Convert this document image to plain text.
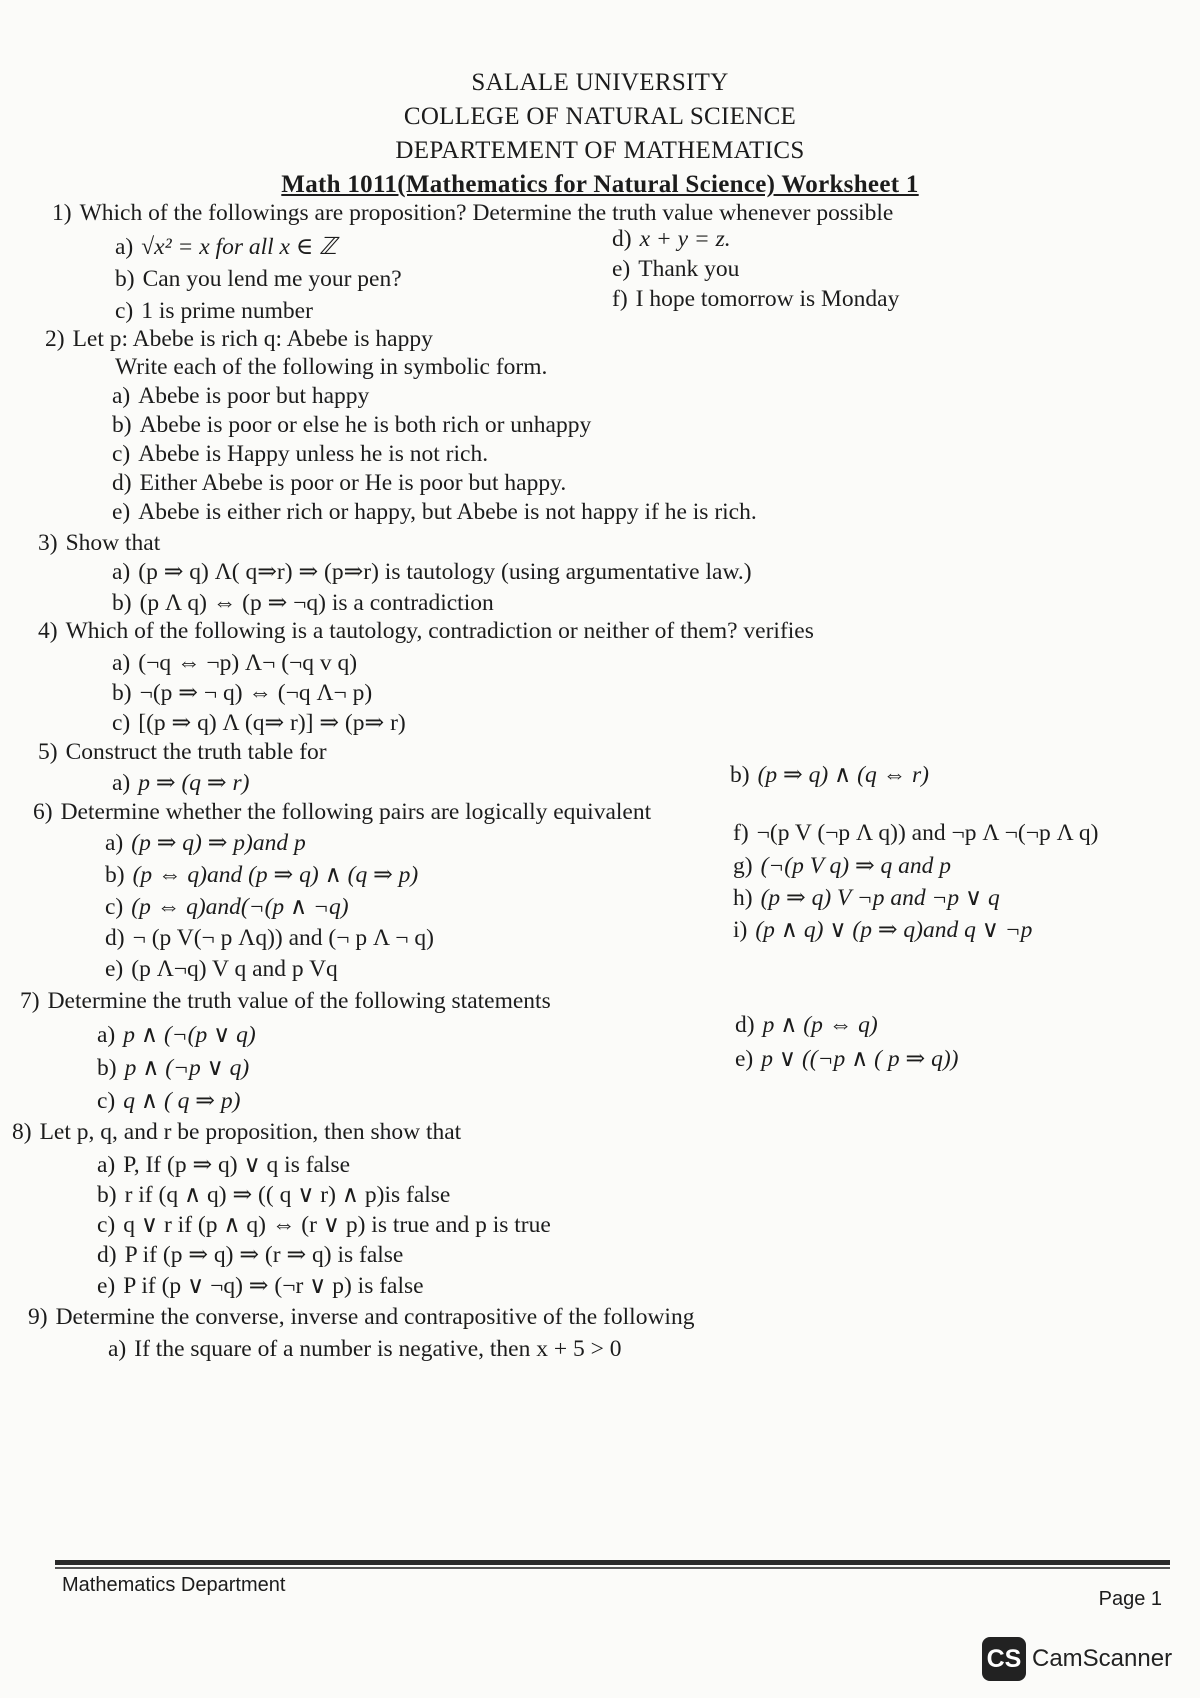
SALALE UNIVERSITY
COLLEGE OF NATURAL SCIENCE
DEPARTEMENT OF MATHEMATICS
Math 1011(Mathematics for Natural Science) Worksheet 1
1) Which of the followings are proposition? Determine the truth value whenever possible
a) √x² = x for all x ∈ ℤ
b) Can you lend me your pen?
c) 1 is prime number
d) x + y = z.
e) Thank you
f) I hope tomorrow is Monday
2) Let p: Abebe is rich q: Abebe is happy
Write each of the following in symbolic form.
a) Abebe is poor but happy
b) Abebe is poor or else he is both rich or unhappy
c) Abebe is Happy unless he is not rich.
d) Either Abebe is poor or He is poor but happy.
e) Abebe is either rich or happy, but Abebe is not happy if he is rich.
3) Show that
a) (p ⇒ q) Λ( q⇒r) ⇒ (p⇒r) is tautology (using argumentative law.)
b) (p Λ q) ⇔ (p ⇒ ¬q) is a contradiction
4) Which of the following is a tautology, contradiction or neither of them? verifies
a) (¬q ⇔ ¬p) Λ¬ (¬q v q)
b) ¬(p ⇒ ¬ q) ⇔ (¬q Λ¬ p)
c) [(p ⇒ q) Λ (q⇒ r)] ⇒ (p⇒ r)
5) Construct the truth table for
a) p ⇒ (q ⇒ r)	b) (p ⇒ q) ∧ (q ⇔ r)
6) Determine whether the following pairs are logically equivalent
a) (p ⇒ q) ⇒ p)and p
b) (p ⇔ q)and (p ⇒ q) ∧ (q ⇒ p)
c) (p ⇔ q)and(¬(p ∧ ¬q)
d) ¬ (p V(¬ p Λq)) and (¬ p Λ ¬ q)
e) (p Λ¬q) V q and p Vq
f) ¬(p V (¬p Λ q)) and ¬p Λ ¬(¬p Λ q)
g) (¬(p V q) ⇒ q and p
h) (p ⇒ q) V ¬p and ¬p ∨ q
i) (p ∧ q) ∨ (p ⇒ q)and q ∨ ¬p
7) Determine the truth value of the following statements
a) p ∧ (¬(p ∨ q)
b) p ∧ (¬p ∨ q)
c) q ∧ ( q ⇒ p)
d) p ∧ (p ⇔ q)
e) p ∨ ((¬p ∧ ( p ⇒ q))
8) Let p, q, and r be proposition, then show that
a) P, If (p ⇒ q) ∨ q is false
b) r if (q ∧ q) ⇒ (( q ∨ r) ∧ p)is false
c) q ∨ r if (p ∧ q) ⇔ (r ∨ p) is true and p is true
d) P if (p ⇒ q) ⇒ (r ⇒ q) is false
e) P if (p ∨ ¬q) ⇒ (¬r ∨ p) is false
9) Determine the converse, inverse and contrapositive of the following
a) If the square of a number is negative, then x + 5 > 0
Mathematics Department
Page 1
CS CamScanner
